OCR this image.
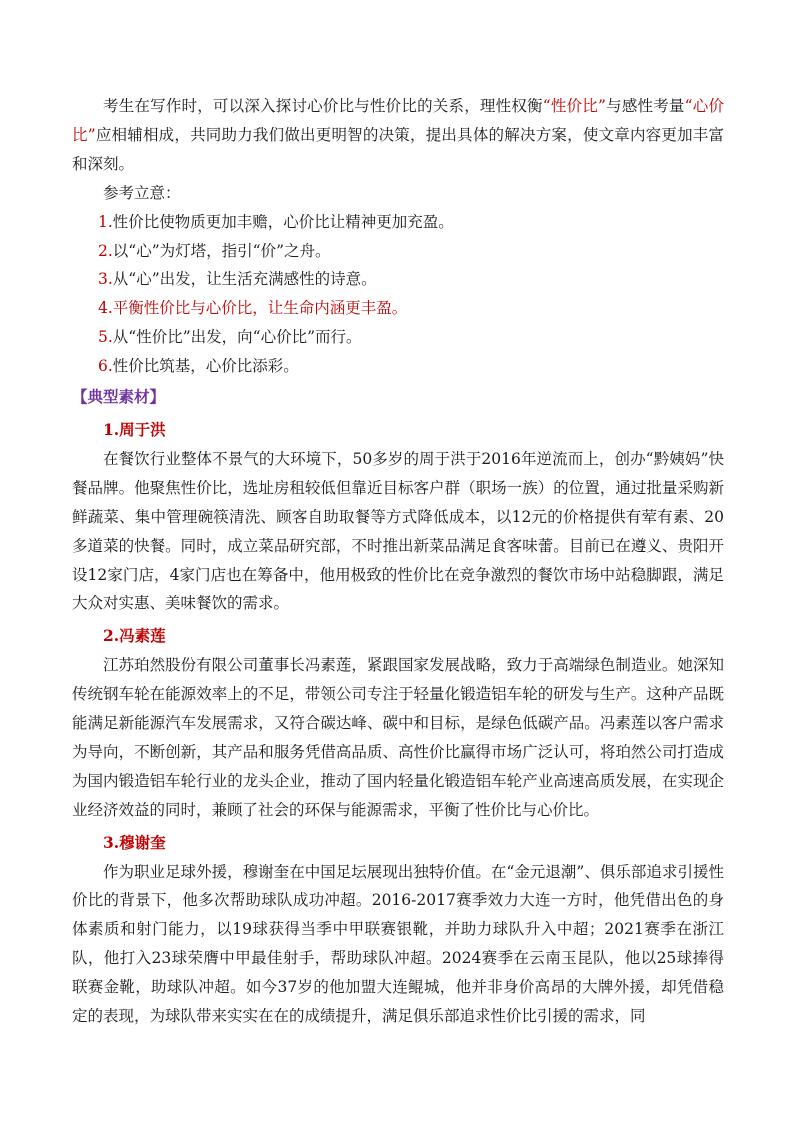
考生在写作时，可以深入探讨心价比与性价比的关系，理性权衡“性价比”与感性考量“心价比”应相辅相成，共同助力我们做出更明智的决策，提出具体的解决方案，使文章内容更加丰富和深刻。

参考立意：

1.性价比使物质更加丰赡，心价比让精神更加充盈。

2.以“心”为灯塔，指引“价”之舟。

3.从“心”出发，让生活充满感性的诗意。

4.平衡性价比与心价比，让生命内涵更丰盈。

5.从“性价比”出发，向“心价比”而行。

6.性价比筑基，心价比添彩。

【典型素材】
1.周于洪

在餐饮行业整体不景气的大环境下，50多岁的周于洪于2016年逆流而上，创办“黔姨妈”快餐品牌。他聚焦性价比，选址房租较低但靠近目标客户群（职场一族）的位置，通过批量采购新鲜蔬菜、集中管理碗筷清洗、顾客自助取餐等方式降低成本，以12元的价格提供有荤有素、20多道菜的快餐。同时，成立菜品研究部，不时推出新菜品满足食客味蕾。目前已在遵义、贵阳开设12家门店，4家门店也在筹备中，他用极致的性价比在竞争激烈的餐饮市场中站稳脚跟，满足大众对实惠、美味餐饮的需求。

2.冯素莲

江苏珀然股份有限公司董事长冯素莲，紧跟国家发展战略，致力于高端绿色制造业。她深知传统钢车轮在能源效率上的不足，带领公司专注于轻量化锻造铝车轮的研发与生产。这种产品既能满足新能源汽车发展需求，又符合碳达峰、碳中和目标，是绿色低碳产品。冯素莲以客户需求为导向，不断创新，其产品和服务凭借高品质、高性价比赢得市场广泛认可，将珀然公司打造成为国内锻造铝车轮行业的龙头企业，推动了国内轻量化锻造铝车轮产业高速高质发展，在实现企业经济效益的同时，兼顾了社会的环保与能源需求，平衡了性价比与心价比。

3.穆谢奎

作为职业足球外援，穆谢奎在中国足坛展现出独特价值。在“金元退潮”、俱乐部追求引援性价比的背景下，他多次帮助球队成功冲超。2016-2017赛季效力大连一方时，他凭借出色的身体素质和射门能力，以19球获得当季中甲联赛银靴，并助力球队升入中超；2021赛季在浙江队，他打入23球荣膺中甲最佳射手，帮助球队冲超。2024赛季在云南玉昆队，他以25球捧得联赛金靴，助球队冲超。如今37岁的他加盟大连鲲城，他并非身价高昂的大牌外援，却凭借稳定的表现，为球队带来实实在在的成绩提升，满足俱乐部追求性价比引援的需求，同
